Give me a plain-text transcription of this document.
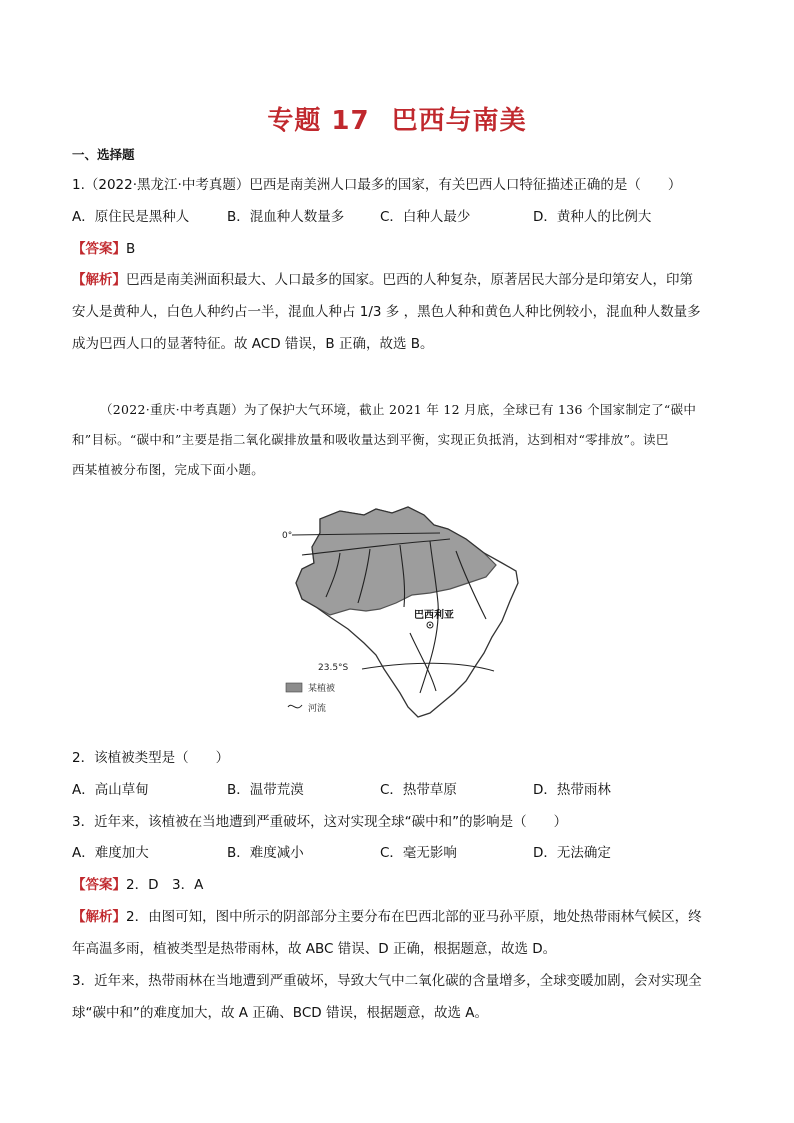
专题 17 巴西与南美
一、选择题
1.（2022·黑龙江·中考真题）巴西是南美洲人口最多的国家，有关巴西人口特征描述正确的是（　　）
A．原住民是黑种人	B．混血种人数量多	C．白种人最少	D．黄种人的比例大
【答案】B
【解析】巴西是南美洲面积最大、人口最多的国家。巴西的人种复杂，原著居民大部分是印第安人，印第
安人是黄种人，白色人种约占一半，混血人种占 1/3 多 ，黑色人种和黄色人种比例较小，混血种人数量多
成为巴西人口的显著特征。故 ACD 错误，B 正确，故选 B。
（2022·重庆·中考真题）为了保护大气环境，截止 2021 年 12 月底，全球已有 136 个国家制定了“碳中
和”目标。“碳中和”主要是指二氧化碳排放量和吸收量达到平衡，实现正负抵消，达到相对“零排放”。读巴
西某植被分布图，完成下面小题。
0°
23.5°S
巴西利亚
某植被
河流
2．该植被类型是（　　）
A．高山草甸	B．温带荒漠	C．热带草原	D．热带雨林
3．近年来，该植被在当地遭到严重破坏，这对实现全球“碳中和”的影响是（　　）
A．难度加大	B．难度减小	C．毫无影响	D．无法确定
【答案】2．D　3．A
【解析】2．由图可知，图中所示的阴部部分主要分布在巴西北部的亚马孙平原，地处热带雨林气候区，终
年高温多雨，植被类型是热带雨林，故 ABC 错误、D 正确，根据题意，故选 D。
3．近年来，热带雨林在当地遭到严重破坏，导致大气中二氧化碳的含量增多，全球变暖加剧，会对实现全
球“碳中和”的难度加大，故 A 正确、BCD 错误，根据题意，故选 A。
